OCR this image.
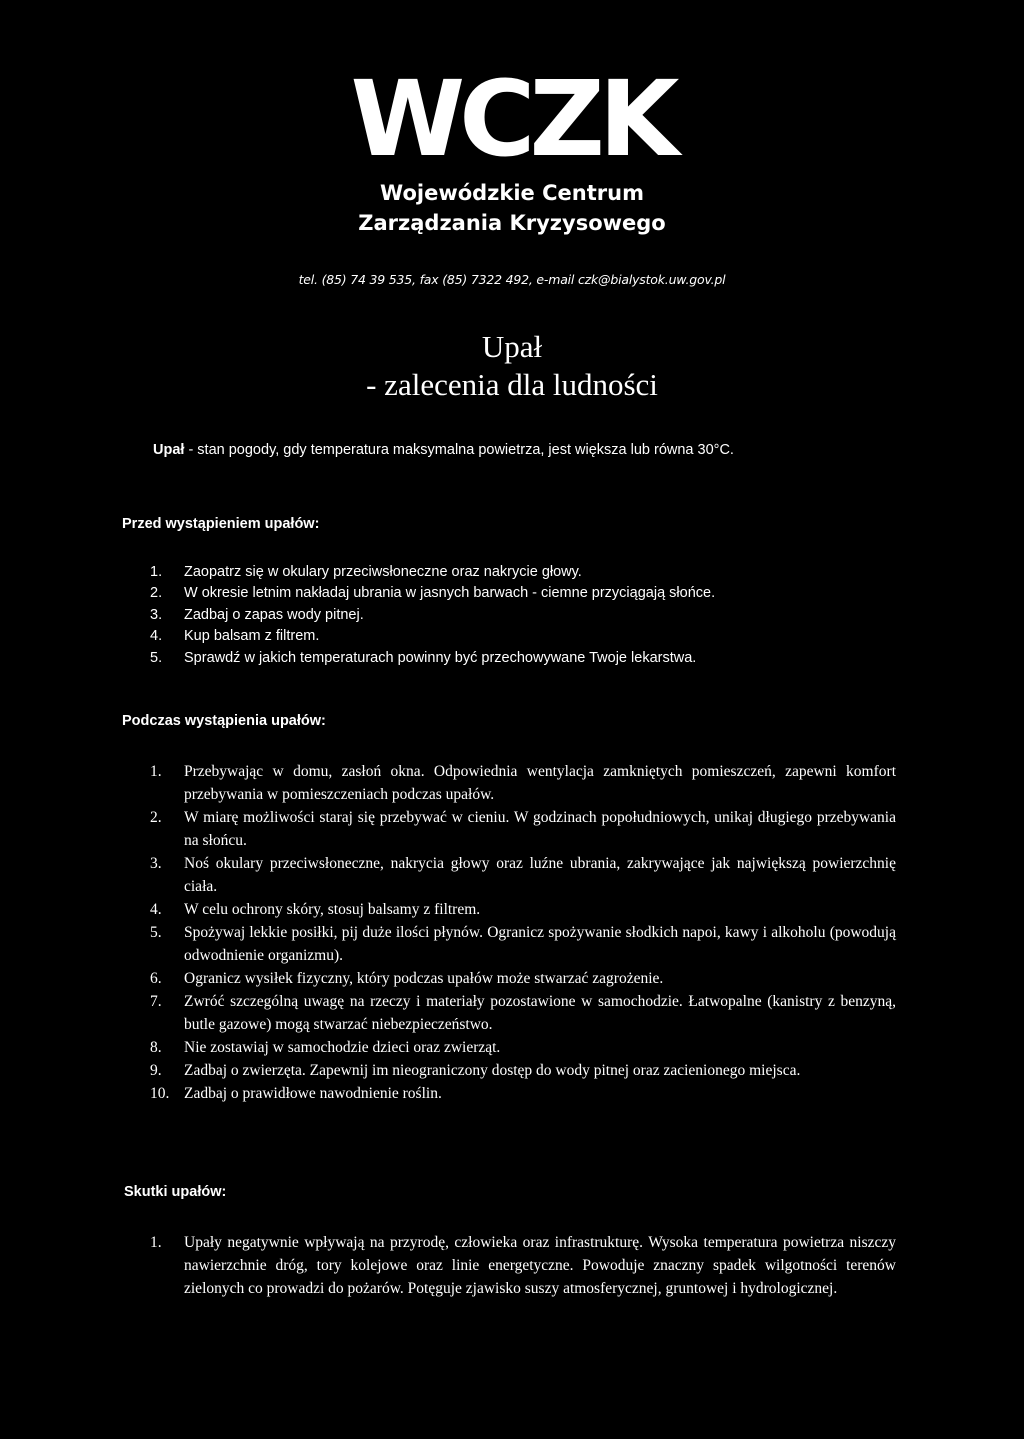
WCZK
Wojewódzkie Centrum
Zarządzania Kryzysowego
tel. (85) 74 39 535, fax (85) 7322 492, e-mail czk@bialystok.uw.gov.pl
Upał
- zalecenia dla ludności
Upał - stan pogody, gdy temperatura maksymalna powietrza, jest większa lub równa 30°C.
Przed wystąpieniem upałów:
1. Zaopatrz się w okulary przeciwsłoneczne oraz nakrycie głowy.
2. W okresie letnim nakładaj ubrania w jasnych barwach - ciemne przyciągają słońce.
3. Zadbaj o zapas wody pitnej.
4. Kup balsam z filtrem.
5. Sprawdź w jakich temperaturach powinny być przechowywane Twoje lekarstwa.
Podczas wystąpienia upałów:
1. Przebywając w domu, zasłoń okna. Odpowiednia wentylacja zamkniętych pomieszczeń, zapewni komfort przebywania w pomieszczeniach podczas upałów.
2. W miarę możliwości staraj się przebywać w cieniu. W godzinach popołudniowych, unikaj długiego przebywania na słońcu.
3. Noś okulary przeciwsłoneczne, nakrycia głowy oraz luźne ubrania, zakrywające jak największą powierzchnię ciała.
4. W celu ochrony skóry, stosuj balsamy z filtrem.
5. Spożywaj lekkie posiłki, pij duże ilości płynów. Ogranicz spożywanie słodkich napoi, kawy i alkoholu (powodują odwodnienie organizmu).
6. Ogranicz wysiłek fizyczny, który podczas upałów może stwarzać zagrożenie.
7. Zwróć szczególną uwagę na rzeczy i materiały pozostawione w samochodzie. Łatwopalne (kanistry z benzyną, butle gazowe) mogą stwarzać niebezpieczeństwo.
8. Nie zostawiaj w samochodzie dzieci oraz zwierząt.
9. Zadbaj o zwierzęta. Zapewnij im nieograniczony dostęp do wody pitnej oraz zacienionego miejsca.
10. Zadbaj o prawidłowe nawodnienie roślin.
Skutki upałów:
1. Upały negatywnie wpływają na przyrodę, człowieka oraz infrastrukturę. Wysoka temperatura powietrza niszczy nawierzchnie dróg, tory kolejowe oraz linie energetyczne. Powoduje znaczny spadek wilgotności terenów zielonych co prowadzi do pożarów. Potęguje zjawisko suszy atmosferycznej, gruntowej i hydrologicznej.
